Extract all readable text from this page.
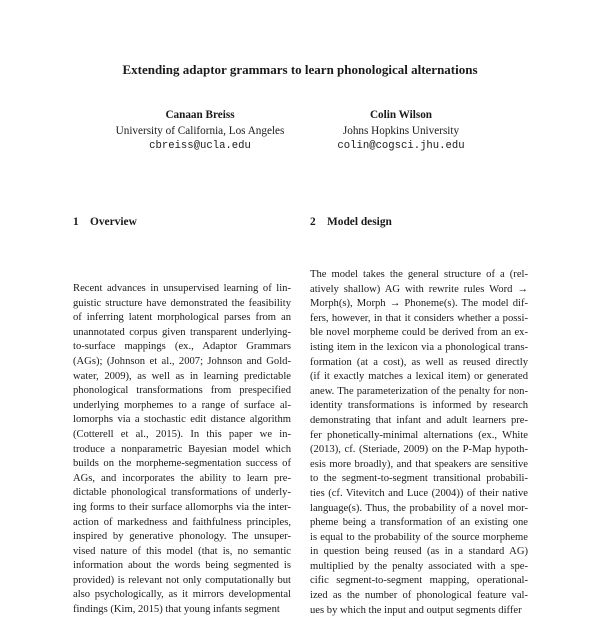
Extending adaptor grammars to learn phonological alternations
Canaan Breiss
University of California, Los Angeles
cbreiss@ucla.edu
Colin Wilson
Johns Hopkins University
colin@cogsci.jhu.edu
1 Overview	2 Model design
Recent advances in unsupervised learning of lin-
guistic structure have demonstrated the feasibility
of inferring latent morphological parses from an
unannotated corpus given transparent underlying-
to-surface mappings (ex., Adaptor Grammars
(AGs); (Johnson et al., 2007; Johnson and Gold-
water, 2009), as well as in learning predictable
phonological transformations from prespecified
underlying morphemes to a range of surface al-
lomorphs via a stochastic edit distance algorithm
(Cotterell et al., 2015). In this paper we in-
troduce a nonparametric Bayesian model which
builds on the morpheme-segmentation success of
AGs, and incorporates the ability to learn pre-
dictable phonological transformations of underly-
ing forms to their surface allomorphs via the inter-
action of markedness and faithfulness principles,
inspired by generative phonology. The unsuper-
vised nature of this model (that is, no semantic
information about the words being segmented is
provided) is relevant not only computationally but
also psychologically, as it mirrors developmental
findings (Kim, 2015) that young infants segment
The model takes the general structure of a (rel-
atively shallow) AG with rewrite rules Word →
Morph(s), Morph → Phoneme(s). The model dif-
fers, however, in that it considers whether a possi-
ble novel morpheme could be derived from an ex-
isting item in the lexicon via a phonological trans-
formation (at a cost), as well as reused directly
(if it exactly matches a lexical item) or generated
anew. The parameterization of the penalty for non-
identity transformations is informed by research
demonstrating that infant and adult learners pre-
fer phonetically-minimal alternations (ex., White
(2013), cf. (Steriade, 2009) on the P-Map hypoth-
esis more broadly), and that speakers are sensitive
to the segment-to-segment transitional probabili-
ties (cf. Vitevitch and Luce (2004)) of their native
language(s). Thus, the probability of a novel mor-
pheme being a transformation of an existing one
is equal to the probability of the source morpheme
in question being reused (as in a standard AG)
multiplied by the penalty associated with a spe-
cific segment-to-segment mapping, operational-
ized as the number of phonological feature val-
ues by which the input and output segments differ
